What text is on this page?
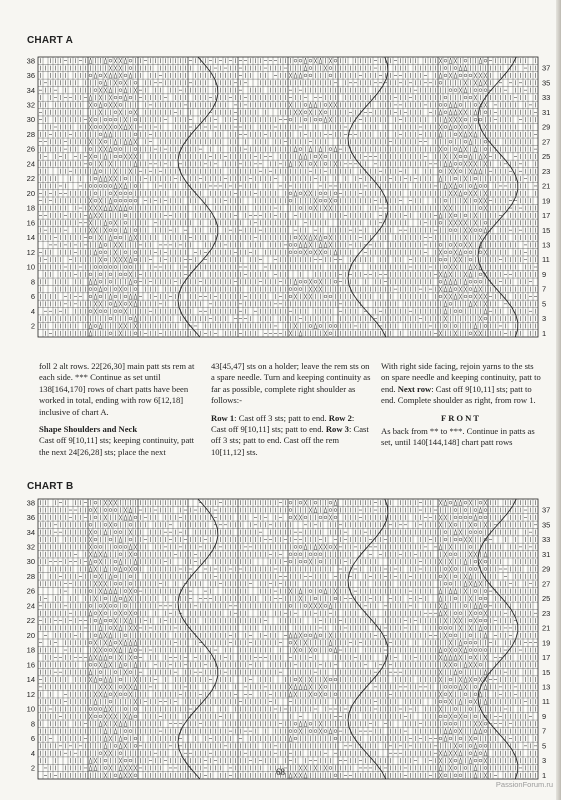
CHART A
38
36
34
32
30
28
26
24
22
20
18
16
14
12
10
8
6
4
2
37
35
33
31
29
27
25
23
21
19
17
15
13
11
9
7
5
3
1

foll 2 alt rows. 22[26,30] main patt sts rem at each side. *** Continue as set until 138[164,170] rows of chart patts have been worked in total, ending with row 6[12,18] inclusive of chart A.

Shape Shoulders and Neck

Cast off 9[10,11] sts; keeping continuity, patt the next 24[26,28] sts; place the next

43[45,47] sts on a holder; leave the rem sts on a spare needle. Turn and keeping continuity as far as possible, complete right shoulder as follows:-

Row 1: Cast off 3 sts; patt to end. Row 2: Cast off 9[10,11] sts; patt to end. Row 3: Cast off 3 sts; patt to end. Cast off the rem 10[11,12] sts.

With right side facing, rejoin yarns to the sts on spare needle and keeping continuity, patt to end. Next row: Cast off 9[10,11] sts; patt to end. Complete shoulder as right, from row 1.

FRONT

As back from ** to ***. Continue in patts as set, until 140[144,148] chart patt rows

CHART B
38
36
34
32
30
28
26
24
22
20
18
16
14
12
10
8
6
4
2
37
35
33
31
29
27
25
23
21
19
17
15
13
11
9
7
5
3
1
68
PassionForum.ru
